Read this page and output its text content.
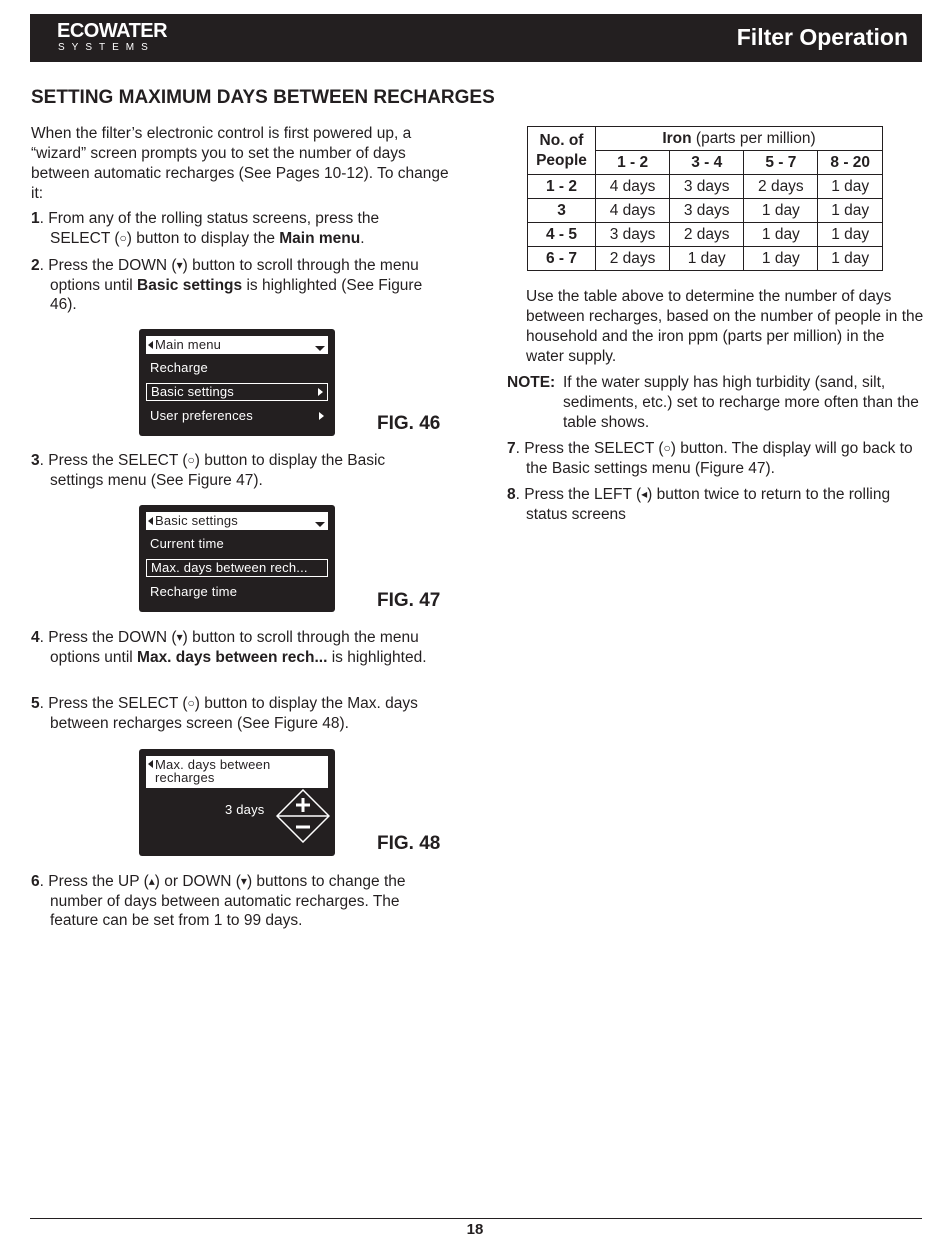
ECOWATER
SYSTEMS	Filter Operation
SETTING MAXIMUM DAYS BETWEEN RECHARGES
When the filter’s electronic control is first powered up, a “wizard” screen prompts you to set the number of days between automatic recharges (See Pages 10-12). To change it:
1. From any of the rolling status screens, press the SELECT (○) button to display the Main menu.
2. Press the DOWN (▾) button to scroll through the menu options until Basic settings is highlighted (See Figure 46).
Main menu
Recharge
Basic settings
User preferences	FIG. 46
3. Press the SELECT (○) button to display the Basic settings menu (See Figure 47).
Basic settings
Current time
Max. days between rech...
Recharge time	FIG. 47
4. Press the DOWN (▾) button to scroll through the menu options until Max. days between rech... is highlighted.
5. Press the SELECT (○) button to display the Max. days between recharges screen (See Figure 48).
Max. days between recharges
3 days
FIG. 48
6. Press the UP (▴) or DOWN (▾) buttons to change the number of days between automatic recharges. The feature can be set from 1 to 99 days.
No. of People	Iron (parts per million)			
	1 - 2	3 - 4	5 - 7	8 - 20
1 - 2	4 days	3 days	2 days	1 day
3	4 days	3 days	1 day	1 day
4 - 5	3 days	2 days	1 day	1 day
6 - 7	2 days	1 day	1 day	1 day
Use the table above to determine the number of days between recharges, based on the number of people in the household and the iron ppm (parts per million) in the water supply.
NOTE: If the water supply has high turbidity (sand, silt, sediments, etc.) set to recharge more often than the table shows.
7. Press the SELECT (○) button. The display will go back to the Basic settings menu (Figure 47).
8. Press the LEFT (◂) button twice to return to the rolling status screens
18
